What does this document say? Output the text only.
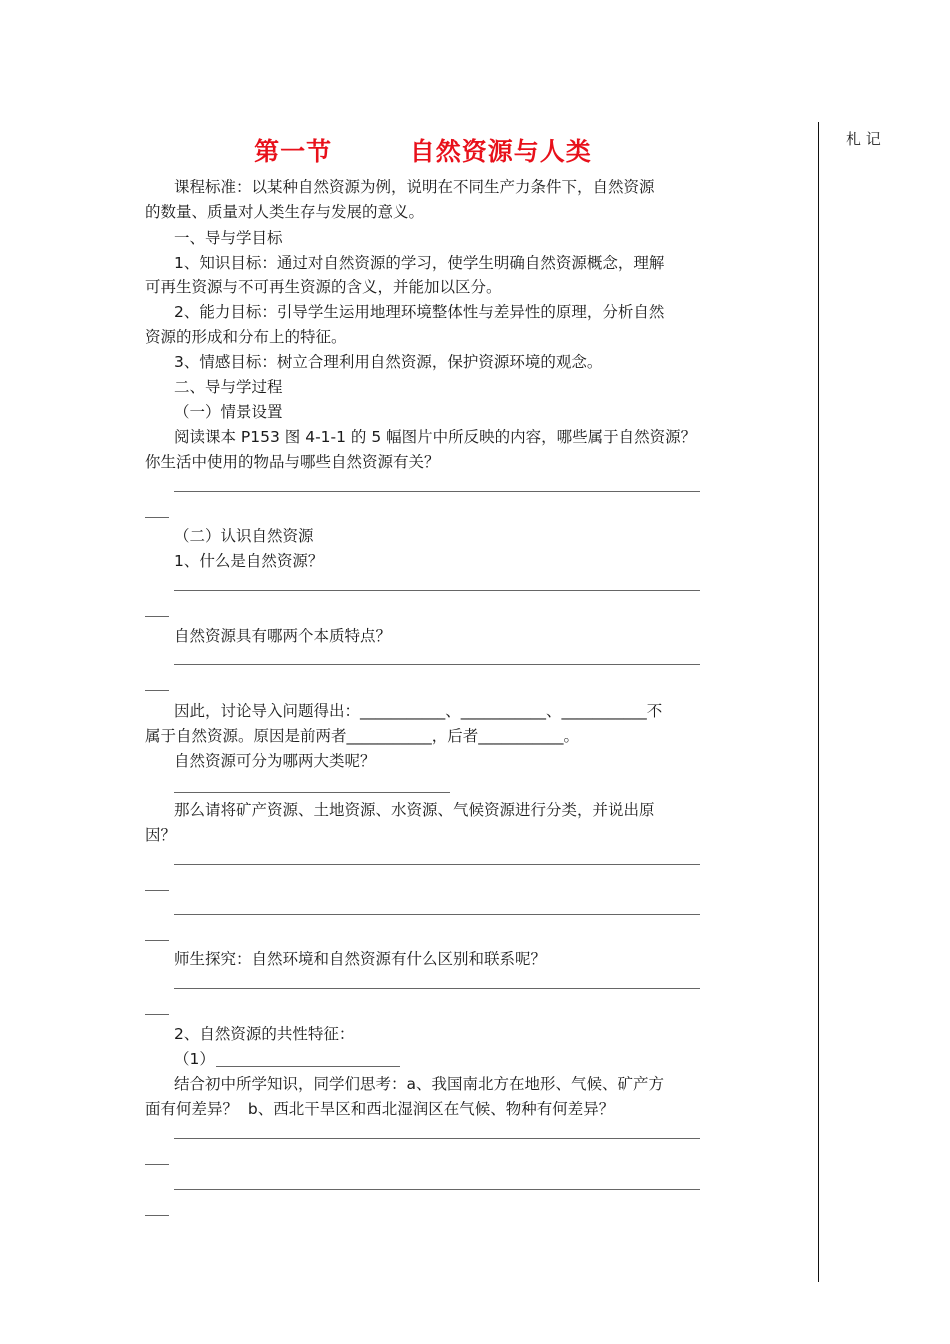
第一节        自然资源与人类	札 记
课程标准：以某种自然资源为例，说明在不同生产力条件下，自然资源
的数量、质量对人类生存与发展的意义。
一、导与学目标
1、知识目标：通过对自然资源的学习，使学生明确自然资源概念，理解
可再生资源与不可再生资源的含义，并能加以区分。
2、能力目标：引导学生运用地理环境整体性与差异性的原理，分析自然
资源的形成和分布上的特征。
3、情感目标：树立合理利用自然资源，保护资源环境的观念。
二、导与学过程
（一）情景设置
阅读课本 P153 图 4-1-1 的 5 幅图片中所反映的内容，哪些属于自然资源？
你生活中使用的物品与哪些自然资源有关？
（二）认识自然资源
1、什么是自然资源？
自然资源具有哪两个本质特点？
因此，讨论导入问题得出：___________、___________、___________不
属于自然资源。原因是前两者___________，后者___________。
自然资源可分为哪两大类呢？
那么请将矿产资源、土地资源、水资源、气候资源进行分类，并说出原
因？
师生探究：自然环境和自然资源有什么区别和联系呢？
2、自然资源的共性特征：
（1）
结合初中所学知识，同学们思考：a、我国南北方在地形、气候、矿产方
面有何差异？  b、西北干旱区和西北湿润区在气候、物种有何差异？
